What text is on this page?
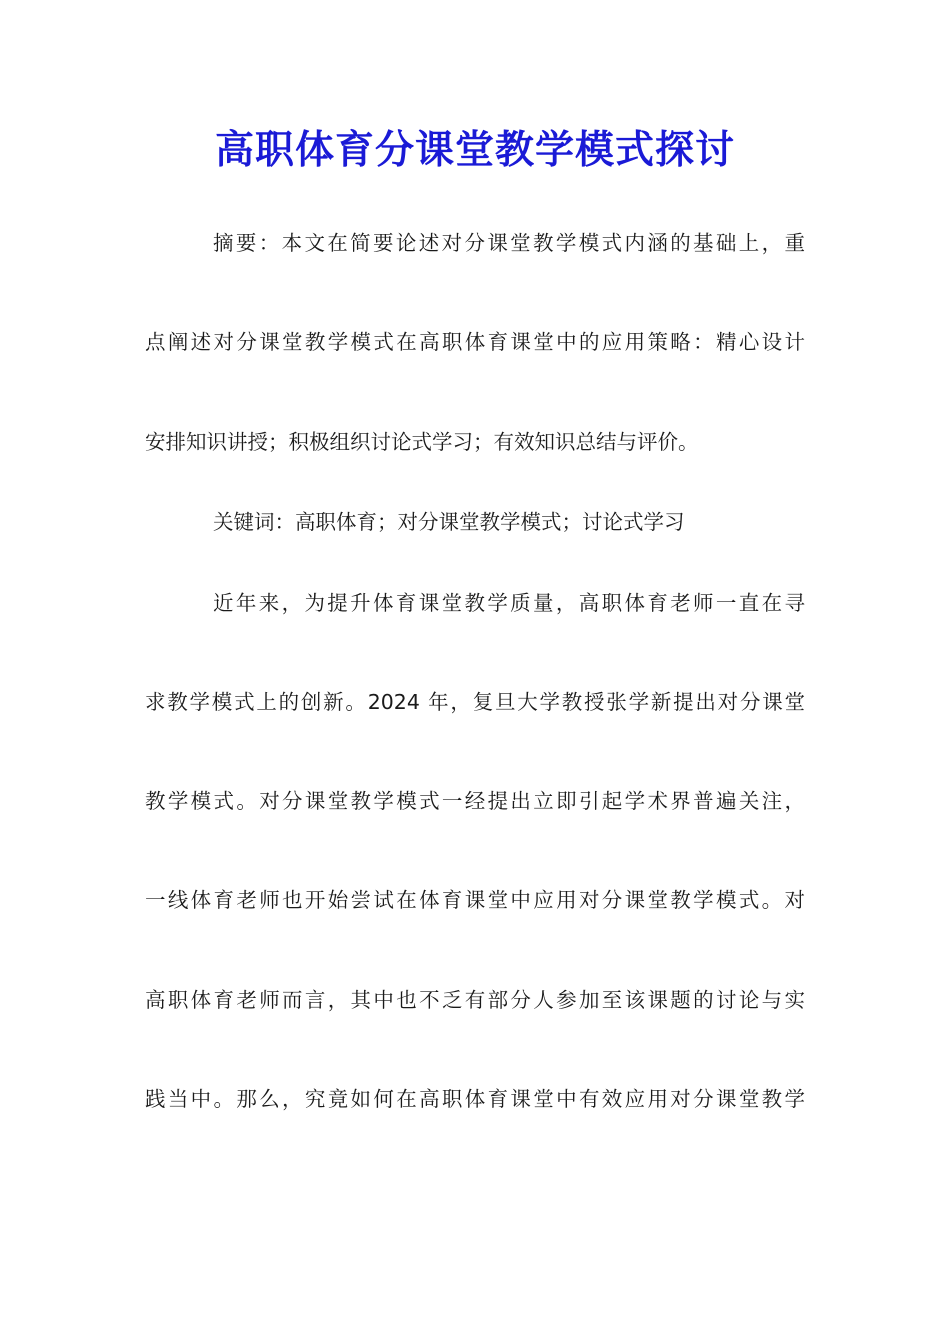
高职体育分课堂教学模式探讨

摘要：本文在简要论述对分课堂教学模式内涵的基础上，重

点阐述对分课堂教学模式在高职体育课堂中的应用策略：精心设计

安排知识讲授；积极组织讨论式学习；有效知识总结与评价。

关键词：高职体育；对分课堂教学模式；讨论式学习

近年来，为提升体育课堂教学质量，高职体育老师一直在寻

求教学模式上的创新。2024 年，复旦大学教授张学新提出对分课堂

教学模式。对分课堂教学模式一经提出立即引起学术界普遍关注，

一线体育老师也开始尝试在体育课堂中应用对分课堂教学模式。对

高职体育老师而言，其中也不乏有部分人参加至该课题的讨论与实

践当中。那么，究竟如何在高职体育课堂中有效应用对分课堂教学
